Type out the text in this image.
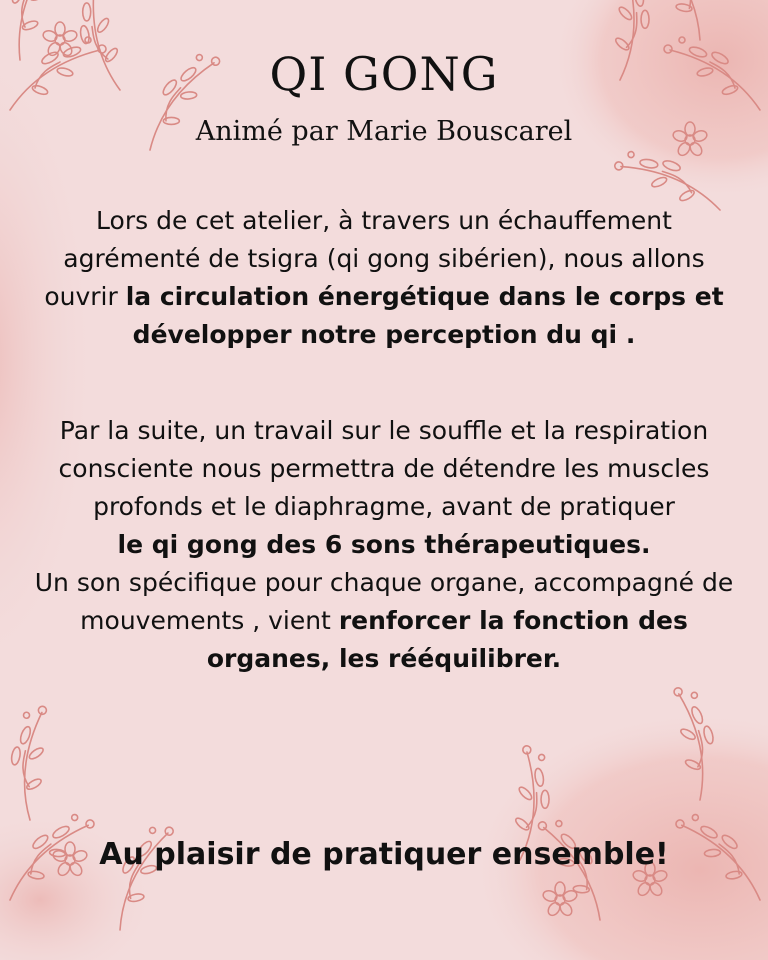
QI GONG
Animé par Marie Bouscarel

Lors de cet atelier, à travers un échauffement agrémenté de tsigra (qi gong sibérien), nous allons ouvrir la circulation énergétique dans le corps et développer notre perception du qi .

Par la suite, un travail sur le souffle et la respiration consciente nous permettra de détendre les muscles profonds et le diaphragme, avant de pratiquer
le qi gong des 6 sons thérapeutiques.
Un son spécifique pour chaque organe, accompagné de mouvements , vient renforcer la fonction des organes, les rééquilibrer.

Au plaisir de pratiquer ensemble!
